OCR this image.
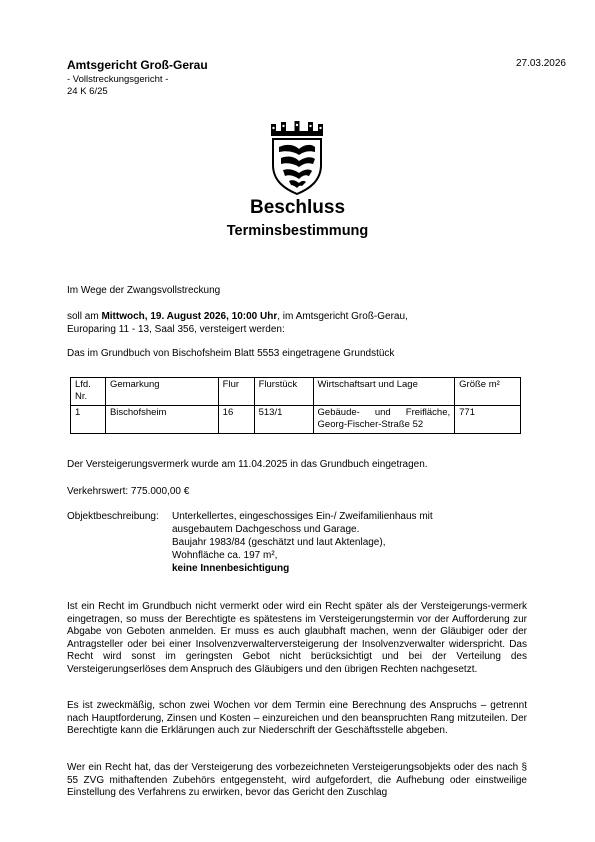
Amtsgericht Groß-Gerau
- Vollstreckungsgericht -
24 K 6/25
27.03.2026
Beschluss
Terminsbestimmung
Im Wege der Zwangsvollstreckung
soll am Mittwoch, 19. August 2026, 10:00 Uhr, im Amtsgericht Groß-Gerau,
Europaring 11 - 13, Saal 356, versteigert werden:
Das im Grundbuch von Bischofsheim Blatt 5553 eingetragene Grundstück
Lfd. Nr.	Gemarkung	Flur	Flurstück	Wirtschaftsart und Lage	Größe m²
1	Bischofsheim	16	513/1	Gebäude- und Freifläche, Georg-Fischer-Straße 52	771
Der Versteigerungsvermerk wurde am 11.04.2025 in das Grundbuch eingetragen.
Verkehrswert: 775.000,00 €
Objektbeschreibung: Unterkellertes, eingeschossiges Ein-/ Zweifamilienhaus mit
ausgebautem Dachgeschoss und Garage.
Baujahr 1983/84 (geschätzt und laut Aktenlage),
Wohnfläche ca. 197 m²,
keine Innenbesichtigung
Ist ein Recht im Grundbuch nicht vermerkt oder wird ein Recht später als der Versteigerungs-vermerk eingetragen, so muss der Berechtigte es spätestens im Versteigerungstermin vor der Aufforderung zur Abgabe von Geboten anmelden. Er muss es auch glaubhaft machen, wenn der Gläubiger oder der Antragsteller oder bei einer Insolvenzverwalterversteigerung der Insolvenzverwalter widerspricht. Das Recht wird sonst im geringsten Gebot nicht berücksichtigt und bei der Verteilung des Versteigerungserlöses dem Anspruch des Gläubigers und den übrigen Rechten nachgesetzt.
Es ist zweckmäßig, schon zwei Wochen vor dem Termin eine Berechnung des Anspruchs – getrennt nach Hauptforderung, Zinsen und Kosten – einzureichen und den beanspruchten Rang mitzuteilen. Der Berechtigte kann die Erklärungen auch zur Niederschrift der Geschäftsstelle abgeben.
Wer ein Recht hat, das der Versteigerung des vorbezeichneten Versteigerungsobjekts oder des nach § 55 ZVG mithaftenden Zubehörs entgegensteht, wird aufgefordert, die Aufhebung oder einstweilige Einstellung des Verfahrens zu erwirken, bevor das Gericht den Zuschlag
